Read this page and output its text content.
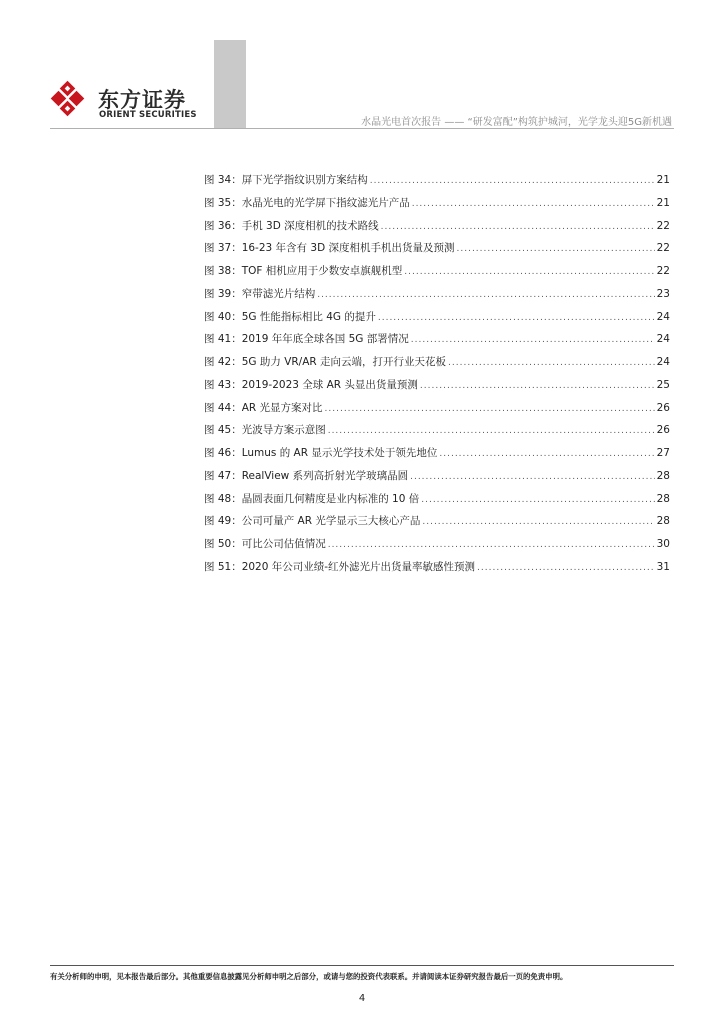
东方证券
ORIENT SECURITIES
水晶光电首次报告 —— “研发富配”构筑护城河，光学龙头迎5G新机遇
图 34：屏下光学指纹识别方案结构 .....	21
图 35：水晶光电的光学屏下指纹滤光片产品 .....	21
图 36：手机 3D 深度相机的技术路线 .....	22
图 37：16-23 年含有 3D 深度相机手机出货量及预测 .....	22
图 38：TOF 相机应用于少数安卓旗舰机型 .....	22
图 39：窄带滤光片结构 .....	23
图 40：5G 性能指标相比 4G 的提升 .....	24
图 41：2019 年年底全球各国 5G 部署情况 .....	24
图 42：5G 助力 VR/AR 走向云端，打开行业天花板 .....	24
图 43：2019-2023 全球 AR 头显出货量预测 .....	25
图 44：AR 光显方案对比 .....	26
图 45：光波导方案示意图 .....	26
图 46：Lumus 的 AR 显示光学技术处于领先地位 .....	27
图 47：RealView 系列高折射光学玻璃晶圆 .....	28
图 48：晶圆表面几何精度是业内标准的 10 倍 .....	28
图 49：公司可量产 AR 光学显示三大核心产品 .....	28
图 50：可比公司估值情况 .....	30
图 51：2020 年公司业绩-红外滤光片出货量率敏感性预测 .....	31
有关分析师的申明，见本报告最后部分。其他重要信息披露见分析师申明之后部分，或请与您的投资代表联系。并请阅读本证券研究报告最后一页的免责申明。
4
